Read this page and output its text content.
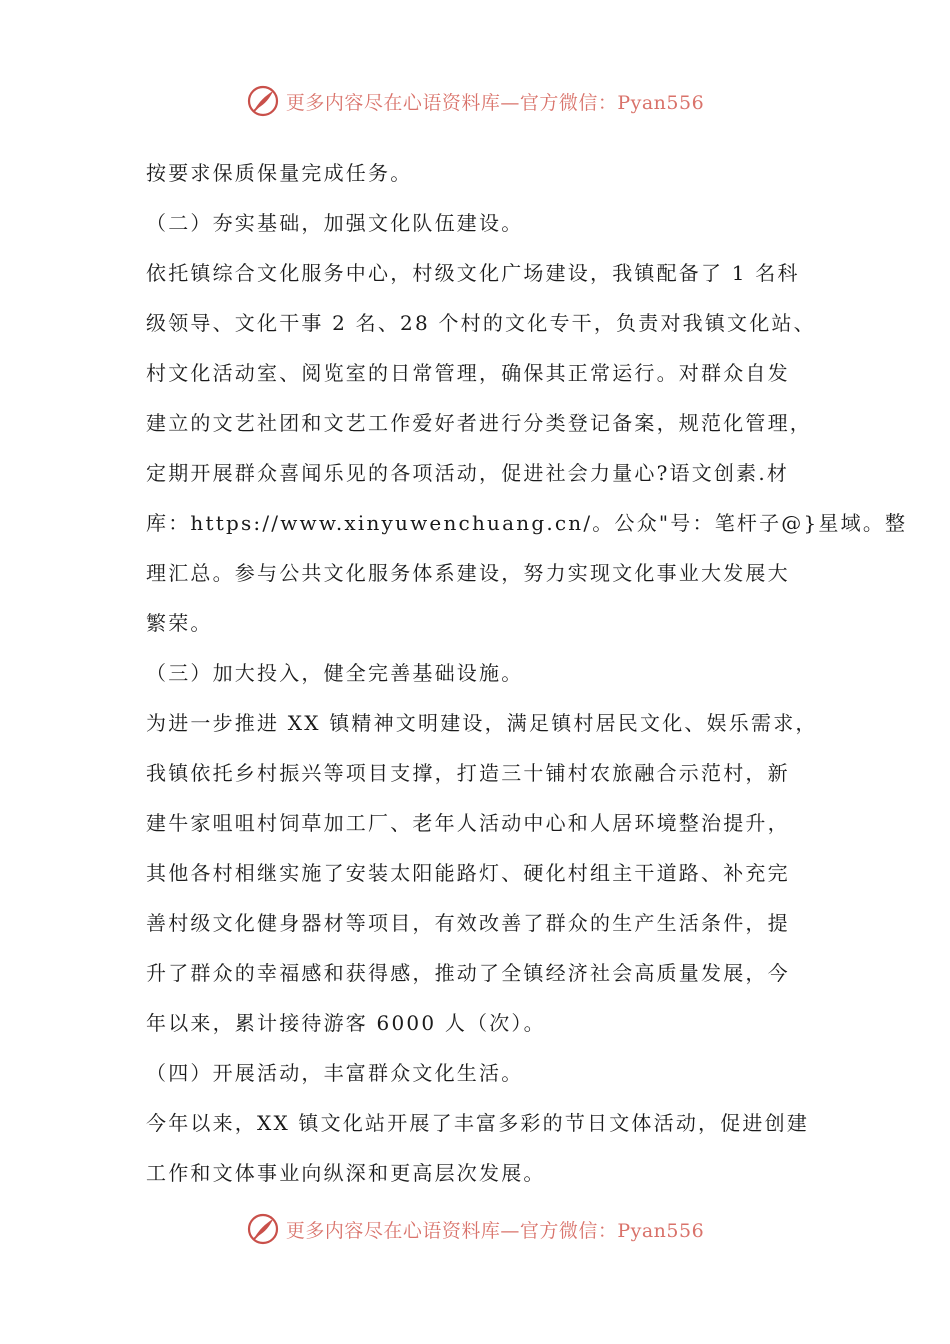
更多内容尽在心语资料库—官方微信：Pyan556
按要求保质保量完成任务。
（二）夯实基础，加强文化队伍建设。
依托镇综合文化服务中心，村级文化广场建设，我镇配备了 1 名科
级领导、文化干事 2 名、28 个村的文化专干，负责对我镇文化站、
村文化活动室、阅览室的日常管理，确保其正常运行。对群众自发
建立的文艺社团和文艺工作爱好者进行分类登记备案，规范化管理，
定期开展群众喜闻乐见的各项活动，促进社会力量心?语文创素.材
库：https://www.xinyuwenchuang.cn/。公众"号：笔杆子@}星域。整
理汇总。参与公共文化服务体系建设，努力实现文化事业大发展大
繁荣。
（三）加大投入，健全完善基础设施。
为进一步推进 XX 镇精神文明建设，满足镇村居民文化、娱乐需求，
我镇依托乡村振兴等项目支撑，打造三十铺村农旅融合示范村，新
建牛家咀咀村饲草加工厂、老年人活动中心和人居环境整治提升，
其他各村相继实施了安装太阳能路灯、硬化村组主干道路、补充完
善村级文化健身器材等项目，有效改善了群众的生产生活条件，提
升了群众的幸福感和获得感，推动了全镇经济社会高质量发展，今
年以来，累计接待游客 6000 人（次）。
（四）开展活动，丰富群众文化生活。
今年以来，XX 镇文化站开展了丰富多彩的节日文体活动，促进创建
工作和文体事业向纵深和更高层次发展。
更多内容尽在心语资料库—官方微信：Pyan556
